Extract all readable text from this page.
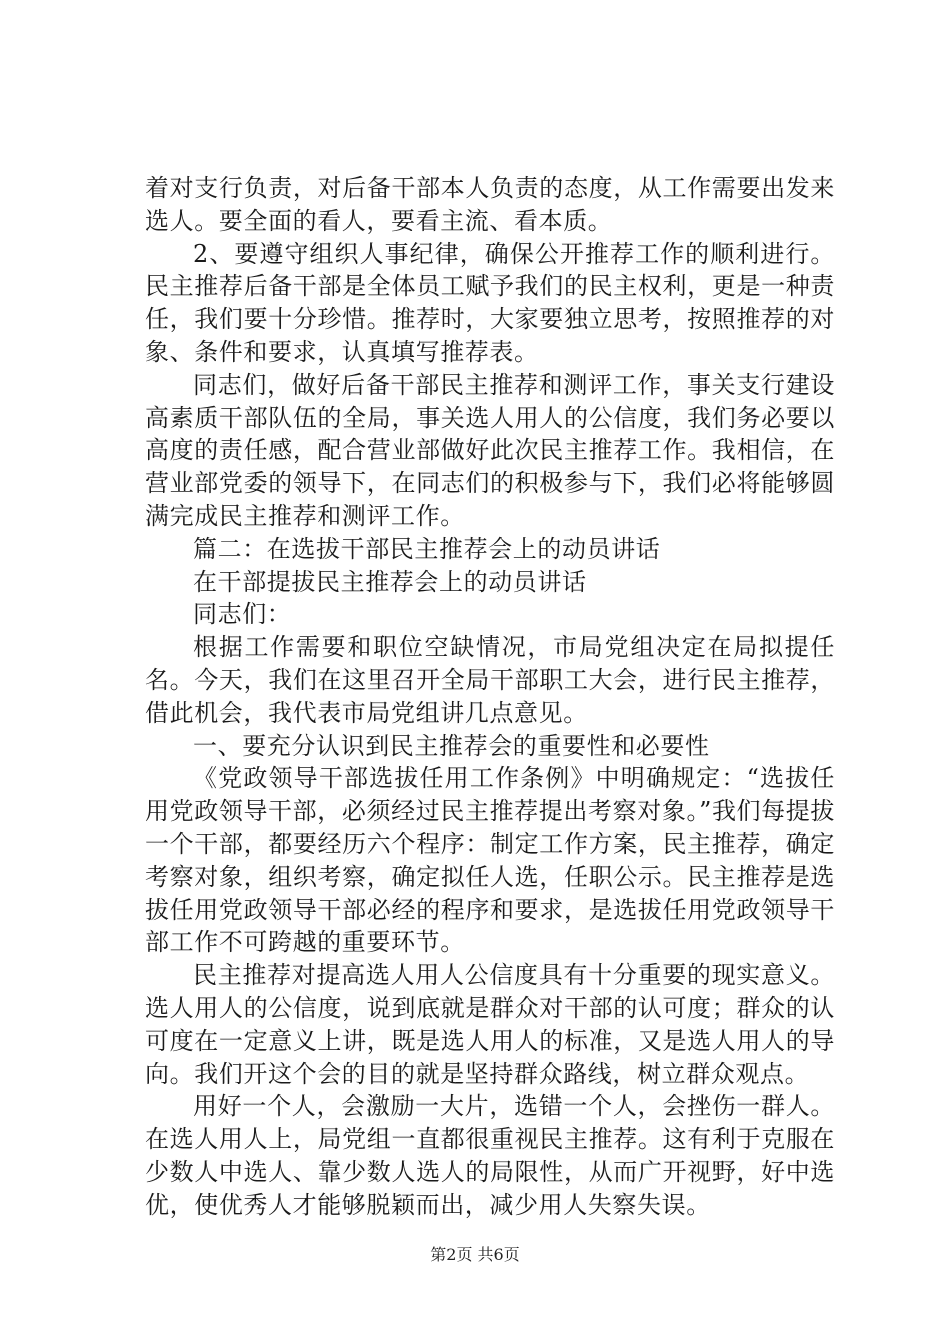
着对支行负责，对后备干部本人负责的态度，从工作需要出发来选人。要全面的看人，要看主流、看本质。

2、要遵守组织人事纪律，确保公开推荐工作的顺利进行。民主推荐后备干部是全体员工赋予我们的民主权利，更是一种责任，我们要十分珍惜。推荐时，大家要独立思考，按照推荐的对象、条件和要求，认真填写推荐表。

同志们，做好后备干部民主推荐和测评工作，事关支行建设高素质干部队伍的全局，事关选人用人的公信度，我们务必要以高度的责任感，配合营业部做好此次民主推荐工作。我相信，在营业部党委的领导下，在同志们的积极参与下，我们必将能够圆满完成民主推荐和测评工作。

篇二：在选拔干部民主推荐会上的动员讲话

在干部提拔民主推荐会上的动员讲话

同志们：

根据工作需要和职位空缺情况，市局党组决定在局拟提任名。今天，我们在这里召开全局干部职工大会，进行民主推荐，借此机会，我代表市局党组讲几点意见。

一、要充分认识到民主推荐会的重要性和必要性

《党政领导干部选拔任用工作条例》中明确规定：“选拔任用党政领导干部，必须经过民主推荐提出考察对象。”我们每提拔一个干部，都要经历六个程序：制定工作方案，民主推荐，确定考察对象，组织考察，确定拟任人选，任职公示。民主推荐是选拔任用党政领导干部必经的程序和要求，是选拔任用党政领导干部工作不可跨越的重要环节。

民主推荐对提高选人用人公信度具有十分重要的现实意义。选人用人的公信度，说到底就是群众对干部的认可度；群众的认可度在一定意义上讲，既是选人用人的标准，又是选人用人的导向。我们开这个会的目的就是坚持群众路线，树立群众观点。

用好一个人，会激励一大片，选错一个人，会挫伤一群人。在选人用人上，局党组一直都很重视民主推荐。这有利于克服在少数人中选人、靠少数人选人的局限性，从而广开视野，好中选优，使优秀人才能够脱颖而出，减少用人失察失误。

第2页 共6页
